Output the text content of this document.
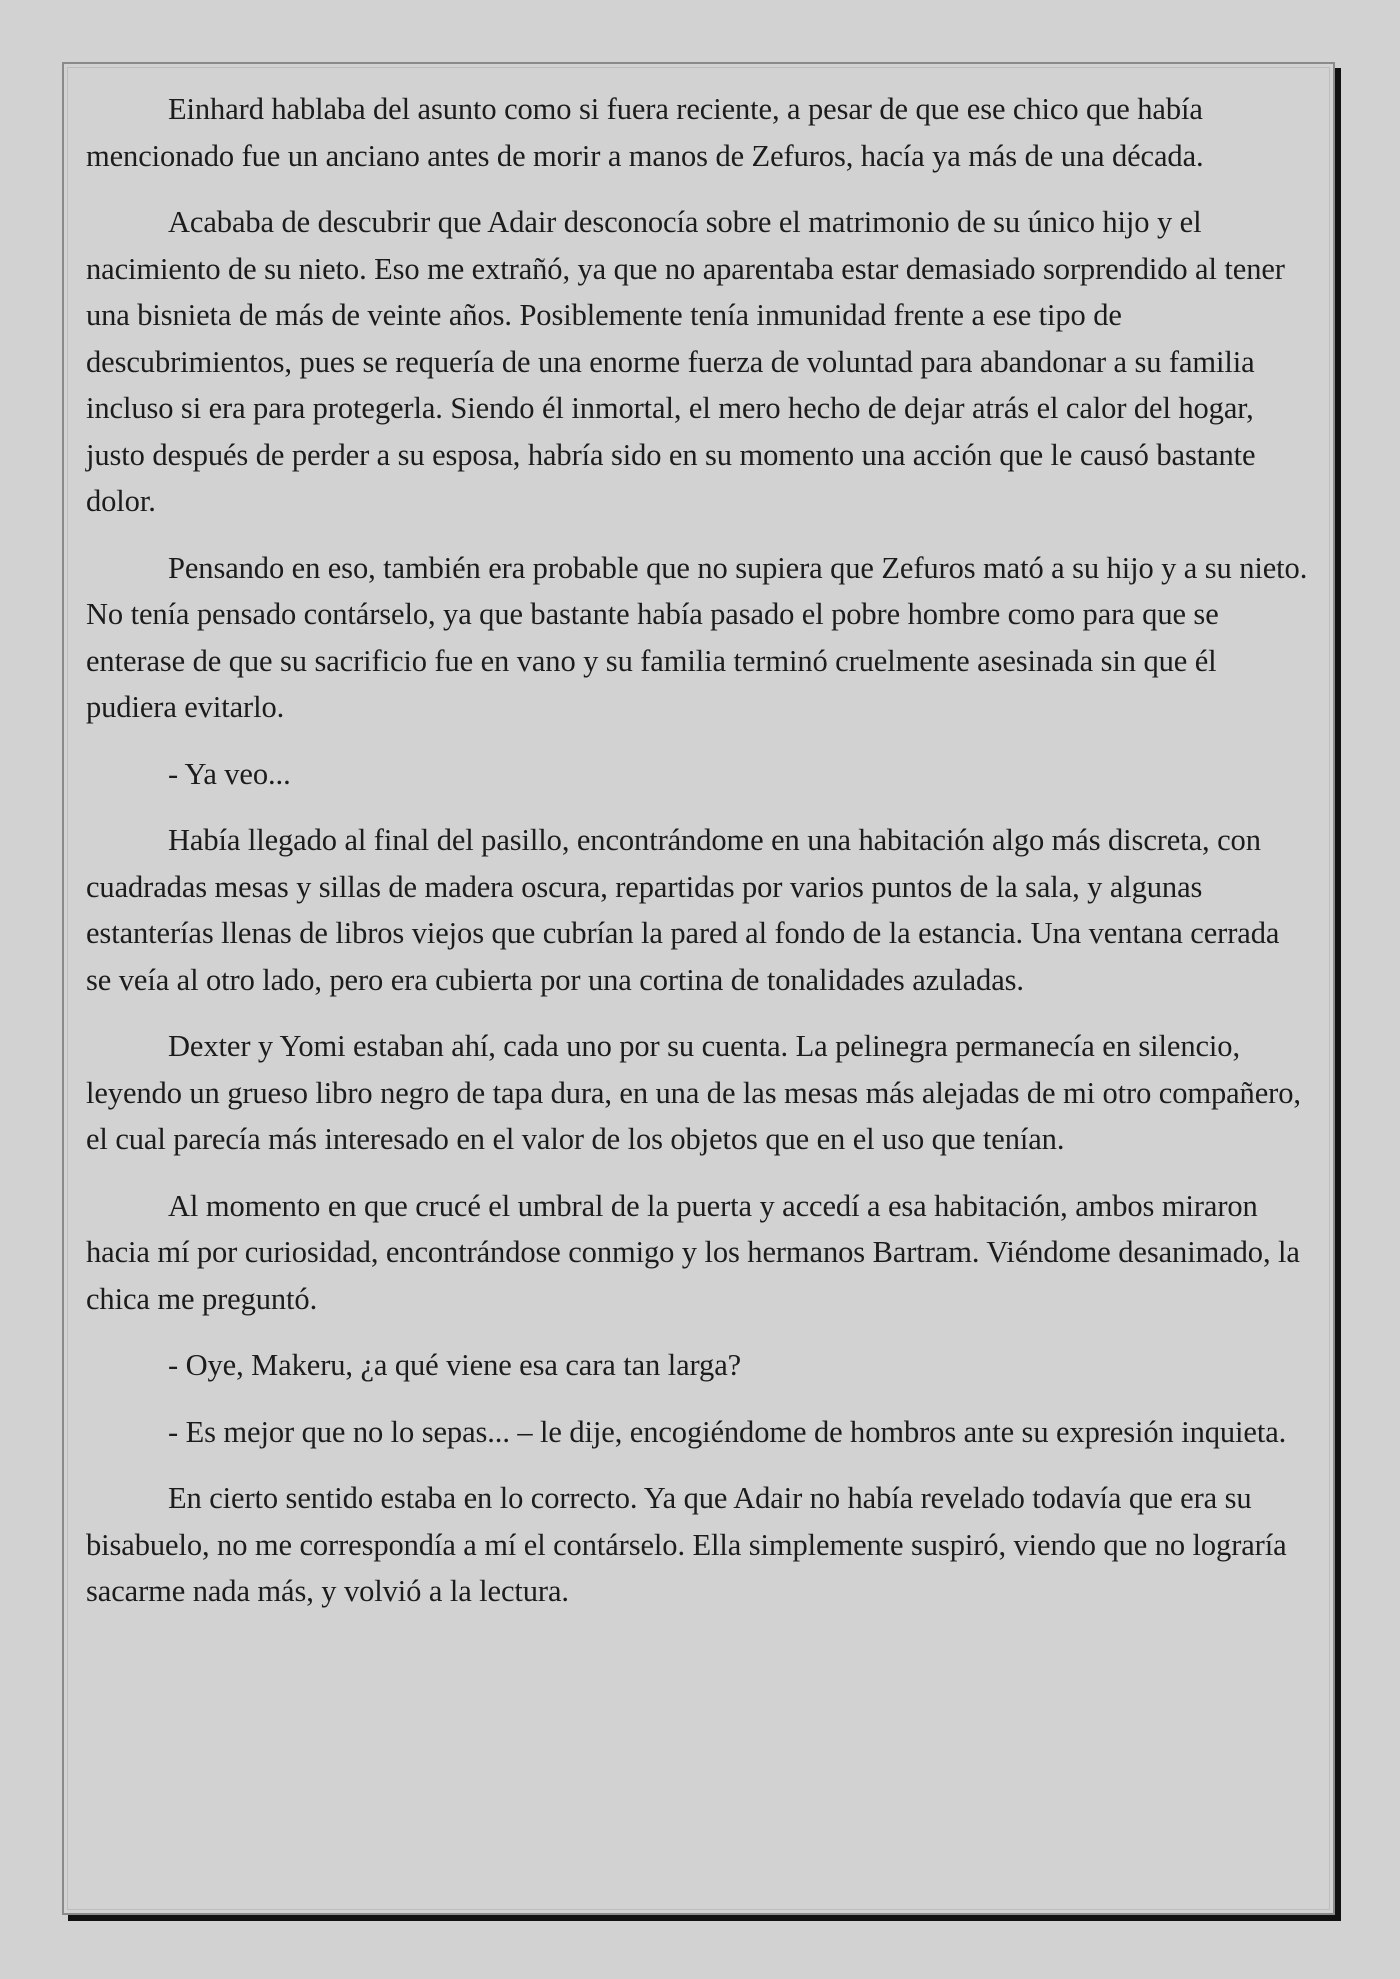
Einhard hablaba del asunto como si fuera reciente, a pesar de que ese chico que había mencionado fue un anciano antes de morir a manos de Zefuros, hacía ya más de una década.

Acababa de descubrir que Adair desconocía sobre el matrimonio de su único hijo y el nacimiento de su nieto. Eso me extrañó, ya que no aparentaba estar demasiado sorprendido al tener una bisnieta de más de veinte años. Posiblemente tenía inmunidad frente a ese tipo de descubrimientos, pues se requería de una enorme fuerza de voluntad para abandonar a su familia incluso si era para protegerla. Siendo él inmortal, el mero hecho de dejar atrás el calor del hogar, justo después de perder a su esposa, habría sido en su momento una acción que le causó bastante dolor.

Pensando en eso, también era probable que no supiera que Zefuros mató a su hijo y a su nieto. No tenía pensado contárselo, ya que bastante había pasado el pobre hombre como para que se enterase de que su sacrificio fue en vano y su familia terminó cruelmente asesinada sin que él pudiera evitarlo.

- Ya veo...

Había llegado al final del pasillo, encontrándome en una habitación algo más discreta, con cuadradas mesas y sillas de madera oscura, repartidas por varios puntos de la sala, y algunas estanterías llenas de libros viejos que cubrían la pared al fondo de la estancia. Una ventana cerrada se veía al otro lado, pero era cubierta por una cortina de tonalidades azuladas.

Dexter y Yomi estaban ahí, cada uno por su cuenta. La pelinegra permanecía en silencio, leyendo un grueso libro negro de tapa dura, en una de las mesas más alejadas de mi otro compañero, el cual parecía más interesado en el valor de los objetos que en el uso que tenían.

Al momento en que crucé el umbral de la puerta y accedí a esa habitación, ambos miraron hacia mí por curiosidad, encontrándose conmigo y los hermanos Bartram. Viéndome desanimado, la chica me preguntó.

- Oye, Makeru, ¿a qué viene esa cara tan larga?

- Es mejor que no lo sepas... – le dije, encogiéndome de hombros ante su expresión inquieta.

En cierto sentido estaba en lo correcto. Ya que Adair no había revelado todavía que era su bisabuelo, no me correspondía a mí el contárselo. Ella simplemente suspiró, viendo que no lograría sacarme nada más, y volvió a la lectura.
